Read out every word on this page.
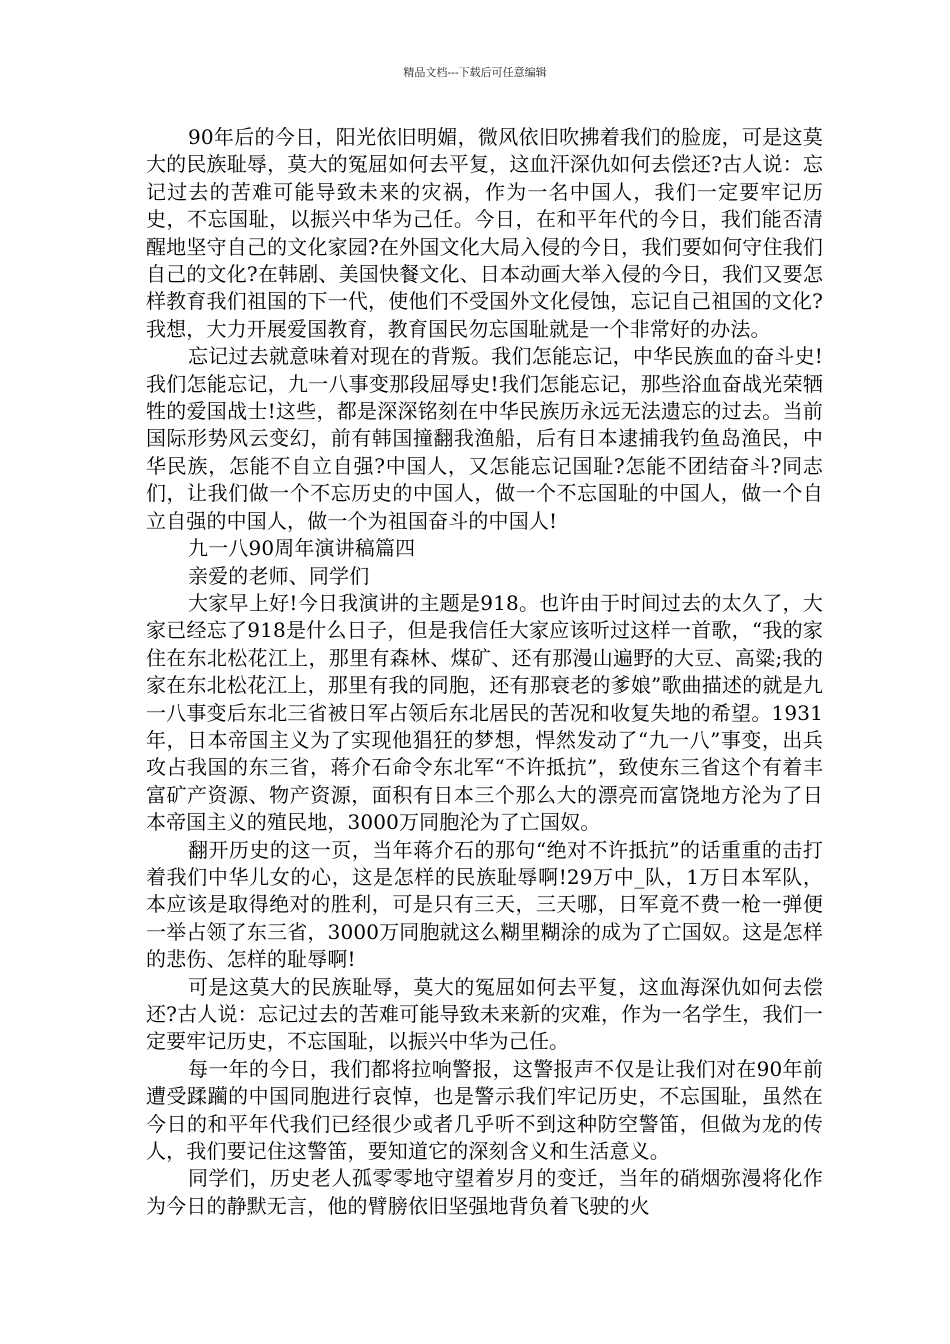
精品文档---下载后可任意编辑

90年后的今日，阳光依旧明媚，微风依旧吹拂着我们的脸庞，可是这莫大的民族耻辱，莫大的冤屈如何去平复，这血汗深仇如何去偿还?古人说：忘记过去的苦难可能导致未来的灾祸，作为一名中国人，我们一定要牢记历史，不忘国耻，以振兴中华为己任。今日，在和平年代的今日，我们能否清醒地坚守自己的文化家园?在外国文化大局入侵的今日，我们要如何守住我们自己的文化?在韩剧、美国快餐文化、日本动画大举入侵的今日，我们又要怎样教育我们祖国的下一代，使他们不受国外文化侵蚀，忘记自己祖国的文化?我想，大力开展爱国教育，教育国民勿忘国耻就是一个非常好的办法。

忘记过去就意味着对现在的背叛。我们怎能忘记，中华民族血的奋斗史!我们怎能忘记，九一八事变那段屈辱史!我们怎能忘记，那些浴血奋战光荣牺牲的爱国战士!这些，都是深深铭刻在中华民族历永远无法遗忘的过去。当前国际形势风云变幻，前有韩国撞翻我渔船，后有日本逮捕我钓鱼岛渔民，中华民族，怎能不自立自强?中国人，又怎能忘记国耻?怎能不团结奋斗?同志们，让我们做一个不忘历史的中国人，做一个不忘国耻的中国人，做一个自立自强的中国人，做一个为祖国奋斗的中国人!

九一八90周年演讲稿篇四

亲爱的老师、同学们

大家早上好!今日我演讲的主题是918。也许由于时间过去的太久了，大家已经忘了918是什么日子，但是我信任大家应该听过这样一首歌，“我的家住在东北松花江上，那里有森林、煤矿、还有那漫山遍野的大豆、高粱;我的家在东北松花江上，那里有我的同胞，还有那衰老的爹娘”歌曲描述的就是九一八事变后东北三省被日军占领后东北居民的苦况和收复失地的希望。1931年，日本帝国主义为了实现他猖狂的梦想，悍然发动了“九一八”事变，出兵攻占我国的东三省，蒋介石命令东北军“不许抵抗”，致使东三省这个有着丰富矿产资源、物产资源，面积有日本三个那么大的漂亮而富饶地方沦为了日本帝国主义的殖民地，3000万同胞沦为了亡国奴。

翻开历史的这一页，当年蒋介石的那句“绝对不许抵抗”的话重重的击打着我们中华儿女的心，这是怎样的民族耻辱啊!29万中_队，1万日本军队，本应该是取得绝对的胜利，可是只有三天，三天哪，日军竟不费一枪一弹便一举占领了东三省，3000万同胞就这么糊里糊涂的成为了亡国奴。这是怎样的悲伤、怎样的耻辱啊!

可是这莫大的民族耻辱，莫大的冤屈如何去平复，这血海深仇如何去偿还?古人说：忘记过去的苦难可能导致未来新的灾难，作为一名学生，我们一定要牢记历史，不忘国耻，以振兴中华为己任。

每一年的今日，我们都将拉响警报，这警报声不仅是让我们对在90年前遭受蹂躏的中国同胞进行哀悼，也是警示我们牢记历史，不忘国耻，虽然在今日的和平年代我们已经很少或者几乎听不到这种防空警笛，但做为龙的传人，我们要记住这警笛，要知道它的深刻含义和生活意义。

同学们，历史老人孤零零地守望着岁月的变迁，当年的硝烟弥漫将化作为今日的静默无言，他的臂膀依旧坚强地背负着飞驶的火
